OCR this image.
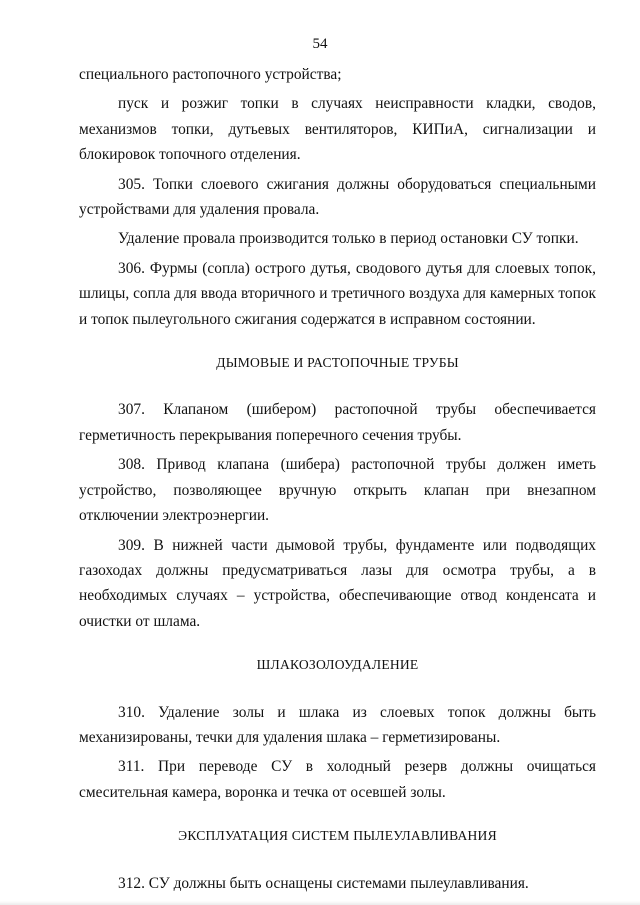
54

специального растопочного устройства;

пуск и розжиг топки в случаях неисправности кладки, сводов, механизмов топки, дутьевых вентиляторов, КИПиА, сигнализации и блокировок топочного отделения.

305. Топки слоевого сжигания должны оборудоваться специальными устройствами для удаления провала.

Удаление провала производится только в период остановки СУ топки.

306. Фурмы (сопла) острого дутья, сводового дутья для слоевых топок, шлицы, сопла для ввода вторичного и третичного воздуха для камерных топок и топок пылеугольного сжигания содержатся в исправном состоянии.

ДЫМОВЫЕ И РАСТОПОЧНЫЕ ТРУБЫ

307. Клапаном (шибером) растопочной трубы обеспечивается герметичность перекрывания поперечного сечения трубы.

308. Привод клапана (шибера) растопочной трубы должен иметь устройство, позволяющее вручную открыть клапан при внезапном отключении электроэнергии.

309. В нижней части дымовой трубы, фундаменте или подводящих газоходах должны предусматриваться лазы для осмотра трубы, а в необходимых случаях – устройства, обеспечивающие отвод конденсата и очистки от шлама.

ШЛАКОЗОЛОУДАЛЕНИЕ

310. Удаление золы и шлака из слоевых топок должны быть механизированы, течки для удаления шлака – герметизированы.

311. При переводе СУ в холодный резерв должны очищаться смесительная камера, воронка и течка от осевшей золы.

ЭКСПЛУАТАЦИЯ СИСТЕМ ПЫЛЕУЛАВЛИВАНИЯ

312. СУ должны быть оснащены системами пылеулавливания.
